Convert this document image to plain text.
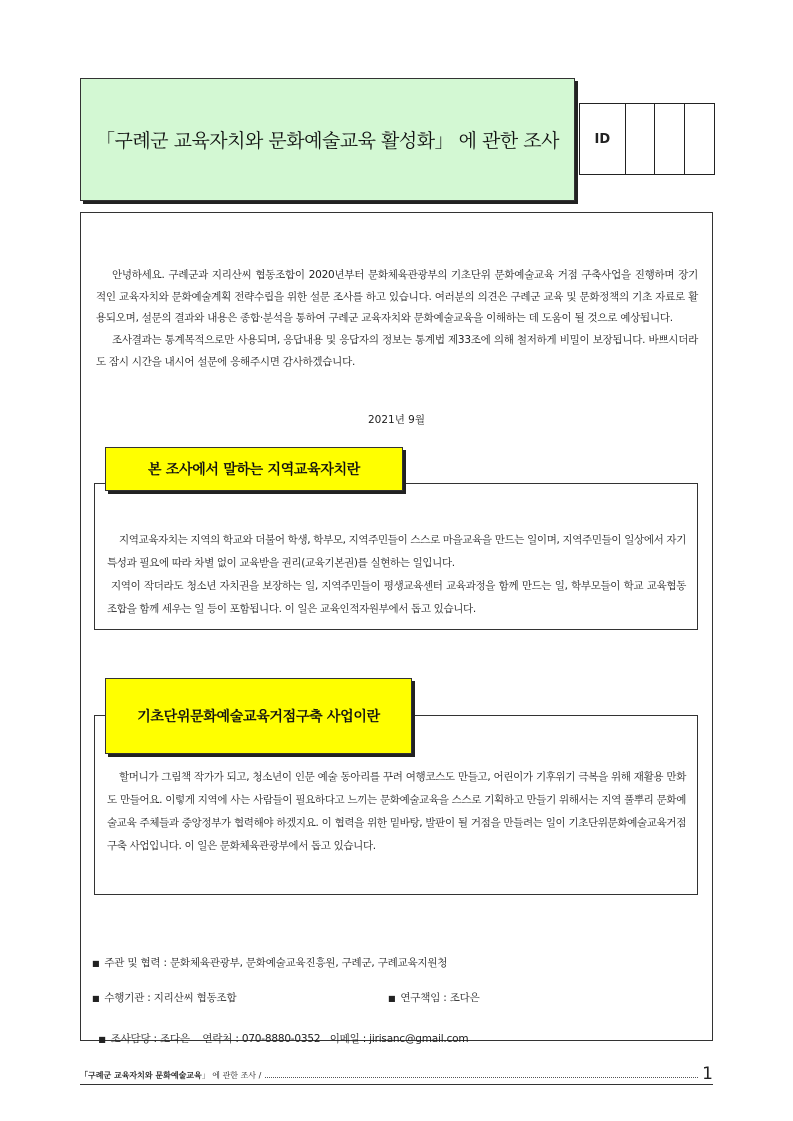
「구례군 교육자치와 문화예술교육 활성화」 에 관한 조사	ID

안녕하세요. 구례군과 지리산씨 협동조합이 2020년부터 문화체육관광부의 기초단위 문화예술교육 거점 구축사업을 진행하며 장기적인 교육자치와 문화예술계획 전략수립을 위한 설문 조사를 하고 있습니다. 여러분의 의견은 구례군 교육 및 문화정책의 기초 자료로 활용되오며, 설문의 결과와 내용은 종합·분석을 통하여 구례군 교육자치와 문화예술교육을 이해하는 데 도움이 될 것으로 예상됩니다.

조사결과는 통계목적으로만 사용되며, 응답내용 및 응답자의 정보는 통계법 제33조에 의해 철저하게 비밀이 보장됩니다. 바쁘시더라도 잠시 시간을 내시어 설문에 응해주시면 감사하겠습니다.

2021년 9월
본 조사에서 말하는 지역교육자치란

지역교육자치는 지역의 학교와 더불어 학생, 학부모, 지역주민들이 스스로 마을교육을 만드는 일이며, 지역주민들이 일상에서 자기 특성과 필요에 따라 차별 없이 교육받을 권리(교육기본권)를 실현하는 일입니다.

지역이 작더라도 청소년 자치권을 보장하는 일, 지역주민들이 평생교육센터 교육과정을 함께 만드는 일, 학부모들이 학교 교육협동조합을 함께 세우는 일 등이 포함됩니다. 이 일은 교육인적자원부에서 돕고 있습니다.

기초단위문화예술교육거점구축 사업이란

할머니가 그림책 작가가 되고, 청소년이 인문 예술 동아리를 꾸려 여행코스도 만들고, 어린이가 기후위기 극복을 위해 재활용 만화도 만들어요. 이렇게 지역에 사는 사람들이 필요하다고 느끼는 문화예술교육을 스스로 기획하고 만들기 위해서는 지역 풀뿌리 문화예술교육 주체들과 중앙정부가 협력해야 하겠지요. 이 협력을 위한 밑바탕, 발판이 될 거점을 만들려는 일이 기초단위문화예술교육거점구축 사업입니다. 이 일은 문화체육관광부에서 돕고 있습니다.

■ 주관 및 협력 : 문화체육관광부, 문화예술교육진흥원, 구례군, 구례교육지원청
■ 수행기관 : 지리산씨 협동조합	■ 연구책임 : 조다은

■ 조사담당 : 조다은    연락처 : 070-8880-0352   이메일 : jirisanc@gmail.com

「구례군 교육자치와 문화예술교육」 에 관한 조사 /	1
